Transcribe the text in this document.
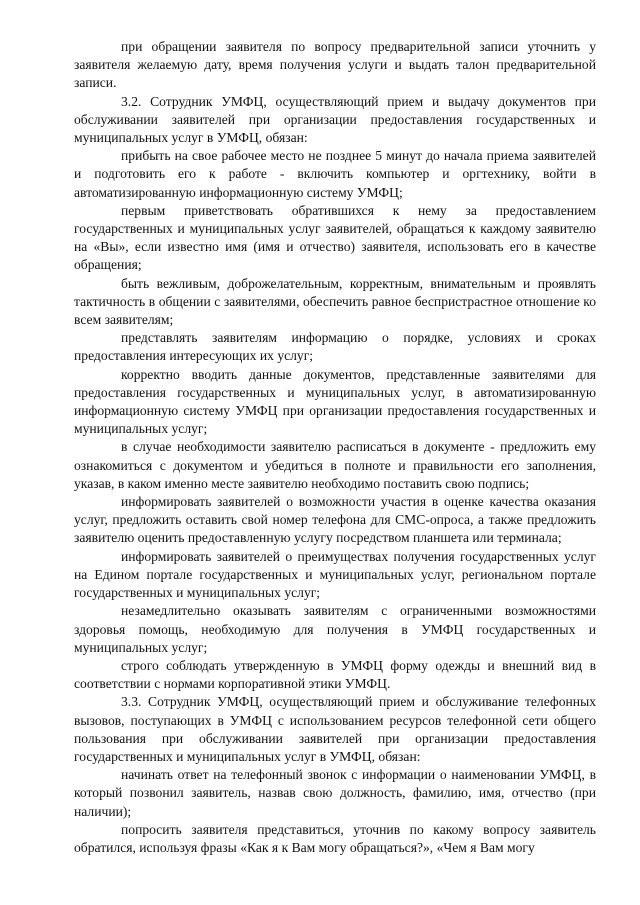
при обращении заявителя по вопросу предварительной записи уточнить у заявителя желаемую дату, время получения услуги и выдать талон предварительной записи.

3.2. Сотрудник УМФЦ, осуществляющий прием и выдачу документов при обслуживании заявителей при организации предоставления государственных и муниципальных услуг в УМФЦ, обязан:

прибыть на свое рабочее место не позднее 5 минут до начала приема заявителей и подготовить его к работе - включить компьютер и оргтехнику, войти в автоматизированную информационную систему УМФЦ;

первым приветствовать обратившихся к нему за предоставлением государственных и муниципальных услуг заявителей, обращаться к каждому заявителю на «Вы», если известно имя (имя и отчество) заявителя, использовать его в качестве обращения;

быть вежливым, доброжелательным, корректным, внимательным и проявлять тактичность в общении с заявителями, обеспечить равное беспристрастное отношение ко всем заявителям;

представлять заявителям информацию о порядке, условиях и сроках предоставления интересующих их услуг;

корректно вводить данные документов, представленные заявителями для предоставления государственных и муниципальных услуг, в автоматизированную информационную систему УМФЦ при организации предоставления государственных и муниципальных услуг;

в случае необходимости заявителю расписаться в документе - предложить ему ознакомиться с документом и убедиться в полноте и правильности его заполнения, указав, в каком именно месте заявителю необходимо поставить свою подпись;

информировать заявителей о возможности участия в оценке качества оказания услуг, предложить оставить свой номер телефона для СМС-опроса, а также предложить заявителю оценить предоставленную услугу посредством планшета или терминала;

информировать заявителей о преимуществах получения государственных услуг на Едином портале государственных и муниципальных услуг, региональном портале государственных и муниципальных услуг;

незамедлительно оказывать заявителям с ограниченными возможностями здоровья помощь, необходимую для получения в УМФЦ государственных и муниципальных услуг;

строго соблюдать утвержденную в УМФЦ форму одежды и внешний вид в соответствии с нормами корпоративной этики УМФЦ.

3.3. Сотрудник УМФЦ, осуществляющий прием и обслуживание телефонных вызовов, поступающих в УМФЦ с использованием ресурсов телефонной сети общего пользования при обслуживании заявителей при организации предоставления государственных и муниципальных услуг в УМФЦ, обязан:

начинать ответ на телефонный звонок с информации о наименовании УМФЦ, в который позвонил заявитель, назвав свою должность, фамилию, имя, отчество (при наличии);

попросить заявителя представиться, уточнив по какому вопросу заявитель обратился, используя фразы «Как я к Вам могу обращаться?», «Чем я Вам могу
